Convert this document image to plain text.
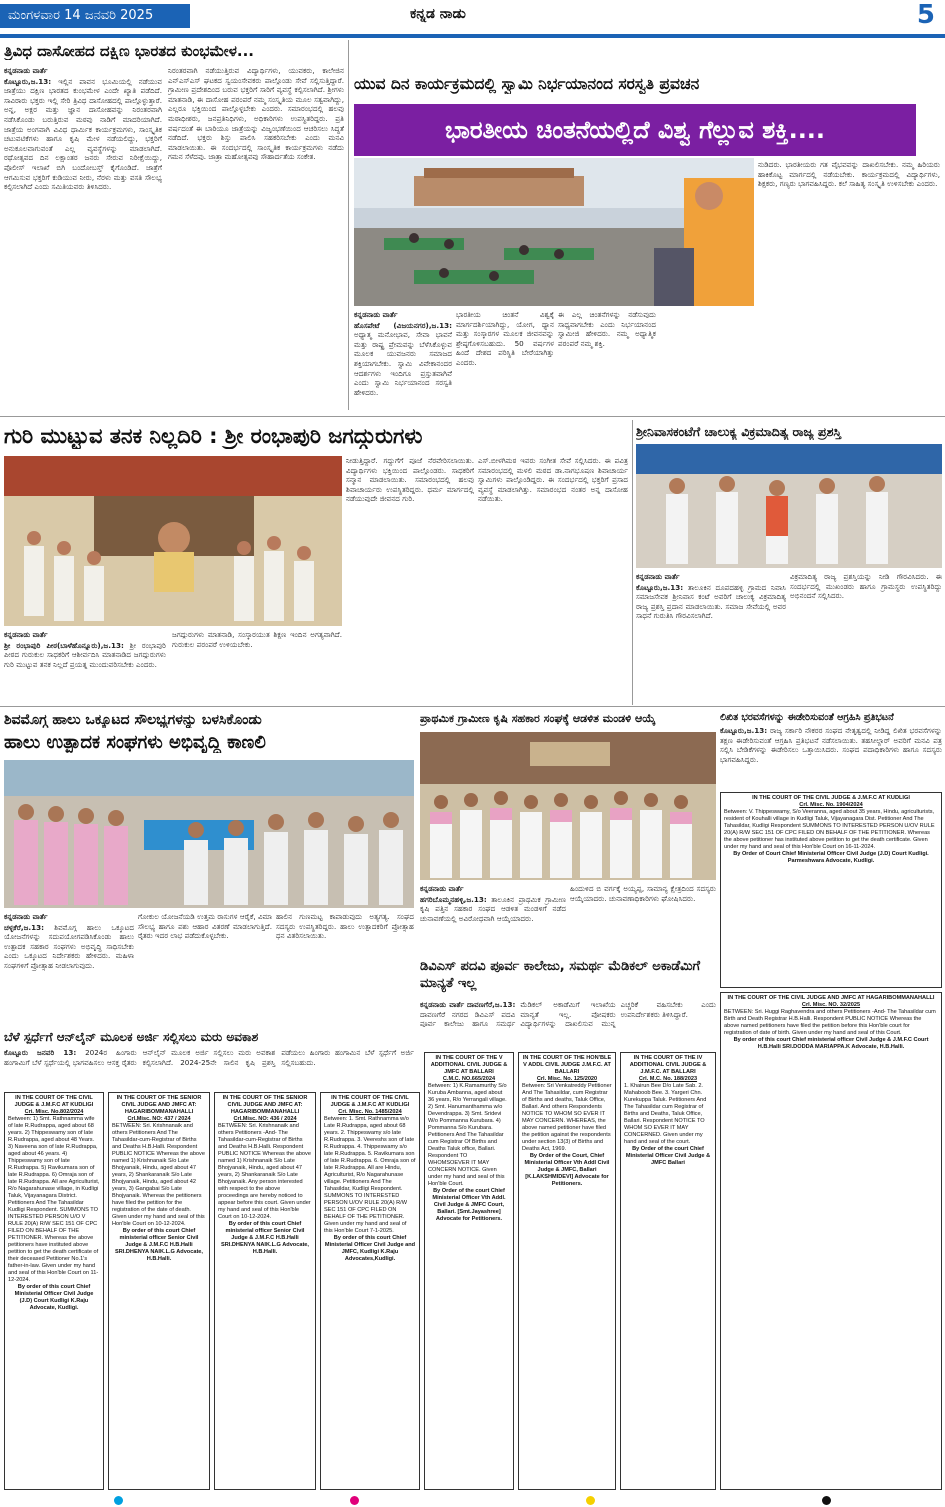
ಮಂಗಳವಾರ 14 ಜನವರಿ 2025	ಕನ್ನಡ ನಾಡು	5
ತ್ರಿವಿಧ ದಾಸೋಹದ ದಕ್ಷಿಣ ಭಾರತದ ಕುಂಭಮೇಳ...

ಕನ್ನಡನಾಡು ವಾರ್ತೆ

ಕೊಟ್ಟೂರು,ಜ.13: ಇಲ್ಲಿನ ಪಾವನ ಭೂಮಿಯಲ್ಲಿ ನಡೆಯುವ ಜಾತ್ರೆಯು ದಕ್ಷಿಣ ಭಾರತದ ಕುಂಭಮೇಳ ಎಂದೇ ಖ್ಯಾತಿ ಪಡೆದಿದೆ. ಸಾವಿರಾರು ಭಕ್ತರು ಇಲ್ಲಿ ಸೇರಿ ತ್ರಿವಿಧ ದಾಸೋಹದಲ್ಲಿ ಪಾಲ್ಗೊಳ್ಳುತ್ತಾರೆ. ಅನ್ನ, ಅಕ್ಷರ ಮತ್ತು ಜ್ಞಾನ ದಾಸೋಹವನ್ನು ನಿರಂತರವಾಗಿ ನಡೆಸಿಕೊಂಡು ಬರುತ್ತಿರುವ ಮಠವು ನಾಡಿಗೆ ಮಾದರಿಯಾಗಿದೆ. ಜಾತ್ರೆಯ ಅಂಗವಾಗಿ ವಿವಿಧ ಧಾರ್ಮಿಕ ಕಾರ್ಯಕ್ರಮಗಳು, ಸಾಂಸ್ಕೃತಿಕ ಚಟುವಟಿಕೆಗಳು ಹಾಗೂ ಕೃಷಿ ಮೇಳ ನಡೆಯಲಿದ್ದು, ಭಕ್ತರಿಗೆ ಅನುಕೂಲವಾಗುವಂತೆ ಎಲ್ಲ ವ್ಯವಸ್ಥೆಗಳನ್ನು ಮಾಡಲಾಗಿದೆ. ರಥೋತ್ಸವದ ದಿನ ಲಕ್ಷಾಂತರ ಜನರು ಸೇರುವ ನಿರೀಕ್ಷೆಯಿದ್ದು, ಪೊಲೀಸ್ ಇಲಾಖೆ ಬಿಗಿ ಬಂದೋಬಸ್ತ್ ಕೈಗೊಂಡಿದೆ. ಜಾತ್ರೆಗೆ ಆಗಮಿಸುವ ಭಕ್ತರಿಗೆ ಕುಡಿಯುವ ನೀರು, ನೆರಳು ಮತ್ತು ವಸತಿ ಸೌಲಭ್ಯ ಕಲ್ಪಿಸಲಾಗಿದೆ ಎಂದು ಸಮಿತಿಯವರು ತಿಳಿಸಿದರು.

ನಿರಂತರವಾಗಿ ನಡೆಯುತ್ತಿರುವ ವಿದ್ಯಾರ್ಥಿಗಳು, ಯುವಕರು, ಕಾಲೇಜಿನ ಎನ್‌ಎಸ್‌ಎಸ್ ಘಟಕದ ಸ್ವಯಂಸೇವಕರು ಪಾಲ್ಗೊಂಡು ಸೇವೆ ಸಲ್ಲಿಸುತ್ತಿದ್ದಾರೆ. ಗ್ರಾಮೀಣ ಪ್ರದೇಶದಿಂದ ಬರುವ ಭಕ್ತರಿಗೆ ಸಾರಿಗೆ ವ್ಯವಸ್ಥೆ ಕಲ್ಪಿಸಲಾಗಿದೆ. ಶ್ರೀಗಳು ಮಾತನಾಡಿ, ಈ ದಾಸೋಹ ಪರಂಪರೆ ನಮ್ಮ ಸಂಸ್ಕೃತಿಯ ಮೂಲ ಸತ್ವವಾಗಿದ್ದು, ಎಲ್ಲರೂ ಭಕ್ತಿಯಿಂದ ಪಾಲ್ಗೊಳ್ಳಬೇಕು ಎಂದರು. ಸಮಾರಂಭದಲ್ಲಿ ಹಲವು ಮಠಾಧೀಶರು, ಜನಪ್ರತಿನಿಧಿಗಳು, ಅಧಿಕಾರಿಗಳು ಉಪಸ್ಥಿತರಿದ್ದರು. ಪ್ರತಿ ವರ್ಷದಂತೆ ಈ ಬಾರಿಯೂ ಜಾತ್ರೆಯನ್ನು ವಿಜೃಂಭಣೆಯಿಂದ ಆಚರಿಸಲು ಸಿದ್ಧತೆ ನಡೆದಿದೆ. ಭಕ್ತರು ಶಿಸ್ತು ಪಾಲಿಸಿ ಸಹಕರಿಸಬೇಕು ಎಂದು ಮನವಿ ಮಾಡಲಾಯಿತು. ಈ ಸಂದರ್ಭದಲ್ಲಿ ಸಾಂಸ್ಕೃತಿಕ ಕಾರ್ಯಕ್ರಮಗಳು ನಡೆದು ಗಮನ ಸೆಳೆದವು. ಜಾತ್ರಾ ಮಹೋತ್ಸವವು ಸೌಹಾರ್ದತೆಯ ಸಂಕೇತ.

ಯುವ ದಿನ ಕಾರ್ಯಕ್ರಮದಲ್ಲಿ ಸ್ವಾಮಿ ನಿರ್ಭಯಾನಂದ ಸರಸ್ವತಿ ಪ್ರವಚನ
ಭಾರತೀಯ ಚಿಂತನೆಯಲ್ಲಿದೆ ವಿಶ್ವ ಗೆಲ್ಲುವ ಶಕ್ತಿ....

ಕನ್ನಡನಾಡು ವಾರ್ತೆ

ಹೊಸಪೇಟೆ (ವಿಜಯನಗರ),ಜ.13: ಅಧ್ಯಾತ್ಮ ಮನೋಭಾವ, ಸೇವಾ ಭಾವನೆ ಮತ್ತು ರಾಷ್ಟ್ರ ಪ್ರೇಮವನ್ನು ಬೆಳೆಸಿಕೊಳ್ಳುವ ಮೂಲಕ ಯುವಜನರು ಸಮಾಜದ ಶಕ್ತಿಯಾಗಬೇಕು. ಸ್ವಾಮಿ ವಿವೇಕಾನಂದರ ಆದರ್ಶಗಳು ಇಂದಿಗೂ ಪ್ರಸ್ತುತವಾಗಿವೆ ಎಂದು ಸ್ವಾಮಿ ನಿರ್ಭಯಾನಂದ ಸರಸ್ವತಿ ಹೇಳಿದರು.

ಭಾರತೀಯ ಚಿಂತನೆ ವಿಶ್ವಕ್ಕೆ ಮಾರ್ಗದರ್ಶಿಯಾಗಿದ್ದು, ಯೋಗ, ಧ್ಯಾನ ಮತ್ತು ಸಂಸ್ಕಾರಗಳ ಮೂಲಕ ಜೀವನವನ್ನು ಶ್ರೇಷ್ಠಗೊಳಿಸಬಹುದು. 50 ವರ್ಷಗಳ ಹಿಂದೆ ದೇಶದ ಪರಿಸ್ಥಿತಿ ಬೇರೆಯಾಗಿತ್ತು ಎಂದರು.

ಈ ಎಲ್ಲ ಚಿಂತನೆಗಳನ್ನು ನಡೆಸುವುದು ಸಾಧ್ಯವಾಗಬೇಕು ಎಂದು ನಿರ್ಭಯಾನಂದ ಸ್ವಾಮೀಜಿ ಹೇಳಿದರು. ನಮ್ಮ ಅಧ್ಯಾತ್ಮಿಕ ಪರಂಪರೆ ನಮ್ಮ ಶಕ್ತಿ.

ನುಡಿದರು. ಭಾರತೀಯರು ಗತ ವೈಭವವನ್ನು ದಾಖಲಿಸಬೇಕು. ನಮ್ಮ ಹಿರಿಯರು ಹಾಕಿಕೊಟ್ಟ ಮಾರ್ಗದಲ್ಲಿ ನಡೆಯಬೇಕು. ಕಾರ್ಯಕ್ರಮದಲ್ಲಿ ವಿದ್ಯಾರ್ಥಿಗಳು, ಶಿಕ್ಷಕರು, ಗಣ್ಯರು ಭಾಗವಹಿಸಿದ್ದರು. ಕಲೆ ಸಾಹಿತ್ಯ ಸಂಸ್ಕೃತಿ ಉಳಿಸಬೇಕು ಎಂದರು.

ಗುರಿ ಮುಟ್ಟುವ ತನಕ ನಿಲ್ಲದಿರಿ : ಶ್ರೀ ರಂಭಾಪುರಿ ಜಗದ್ಗುರುಗಳು

ಕನ್ನಡನಾಡು ವಾರ್ತೆ

ಶ್ರೀ ರಂಭಾಪುರಿ ಪೀಠ(ಬಾಳೆಹೊನ್ನೂರು),ಜ.13: ಶ್ರೀ ರಂಭಾಪುರಿ ಪೀಠದ ಗುರುಕುಲ ಸಾಧಕರಿಗೆ ಆಶೀರ್ವದಿಸಿ ಮಾತನಾಡಿದ ಜಗದ್ಗುರುಗಳು ಗುರಿ ಮುಟ್ಟುವ ತನಕ ನಿಲ್ಲದೆ ಪ್ರಯತ್ನ ಮುಂದುವರಿಸಬೇಕು ಎಂದರು.

ಜಗದ್ಗುರುಗಳು ಮಾತನಾಡಿ, ಸಂಸ್ಕಾರಯುತ ಶಿಕ್ಷಣ ಇಂದಿನ ಅಗತ್ಯವಾಗಿದೆ. ಗುರುಕುಲ ಪರಂಪರೆ ಉಳಿಯಬೇಕು.

ನೀಡುತ್ತಿದ್ದಾರೆ. ಗದ್ದುಗೆಗೆ ಪೂಜೆ ನೆರವೇರಿಸಲಾಯಿತು. ವಿದ್ಯಾರ್ಥಿಗಳು ಭಕ್ತಿಯಿಂದ ಪಾಲ್ಗೊಂಡರು. ಸಾಧಕರಿಗೆ ಸನ್ಮಾನ ಮಾಡಲಾಯಿತು. ಸಮಾರಂಭದಲ್ಲಿ ಹಲವು ಶಿವಾಚಾರ್ಯರು ಉಪಸ್ಥಿತರಿದ್ದರು. ಧರ್ಮ ಮಾರ್ಗದಲ್ಲಿ ನಡೆಯುವುದೇ ಜೀವನದ ಗುರಿ.

ಎಸ್.ಬೀಳಗಿಮಠ ಇವರು ಸಂಗೀತ ಸೇವೆ ಸಲ್ಲಿಸಿದರು. ಈ ಪವಿತ್ರ ಸಮಾರಂಭದಲ್ಲಿ ಮಳಲಿ ಮಠದ ಡಾ.ನಾಗಭೂಷಣ ಶಿವಾಚಾರ್ಯ ಸ್ವಾಮಿಗಳು ಪಾಲ್ಗೊಂಡಿದ್ದರು. ಈ ಸಂದರ್ಭದಲ್ಲಿ ಭಕ್ತರಿಗೆ ಪ್ರಸಾದ ವ್ಯವಸ್ಥೆ ಮಾಡಲಾಗಿತ್ತು. ಸಮಾರಂಭದ ನಂತರ ಅನ್ನ ದಾಸೋಹ ನಡೆಯಿತು.

ಶ್ರೀನಿವಾಸಕಂಟೆಗೆ ಚಾಲುಕ್ಯ ವಿಕ್ರಮಾದಿತ್ಯ ರಾಜ್ಯ ಪ್ರಶಸ್ತಿ

ಕನ್ನಡನಾಡು ವಾರ್ತೆ

ಕೊಟ್ಟೂರು,ಜ.13: ತಾಲೂಕಿನ ದೂಪದಹಳ್ಳಿ ಗ್ರಾಮದ ನಿವಾಸಿ ಸಮಾಜಸೇವಕ ಶ್ರೀನಿವಾಸ ಕಂಟೆ ಅವರಿಗೆ ಚಾಲುಕ್ಯ ವಿಕ್ರಮಾದಿತ್ಯ ರಾಜ್ಯ ಪ್ರಶಸ್ತಿ ಪ್ರದಾನ ಮಾಡಲಾಯಿತು. ಸಮಾಜ ಸೇವೆಯಲ್ಲಿ ಅವರ ಸಾಧನೆ ಗುರುತಿಸಿ ಗೌರವಿಸಲಾಗಿದೆ.

ವಿಕ್ರಮಾದಿತ್ಯ ರಾಜ್ಯ ಪ್ರಶಸ್ತಿಯನ್ನು ನೀಡಿ ಗೌರವಿಸಿದರು. ಈ ಸಂದರ್ಭದಲ್ಲಿ ಮುಖಂಡರು ಹಾಗೂ ಗ್ರಾಮಸ್ಥರು ಉಪಸ್ಥಿತರಿದ್ದು ಅಭಿನಂದನೆ ಸಲ್ಲಿಸಿದರು.

ಲಿಖಿತ ಭರವಸೆಗಳನ್ನು ಈಡೇರಿಸುವಂತೆ ಆಗ್ರಹಿಸಿ ಪ್ರತಿಭಟನೆ

ಕೊಟ್ಟೂರು,ಜ.13: ರಾಜ್ಯ ಸರ್ಕಾರಿ ನೌಕರರ ಸಂಘದ ನೇತೃತ್ವದಲ್ಲಿ ನೀಡಿದ್ದ ಲಿಖಿತ ಭರವಸೆಗಳನ್ನು ತಕ್ಷಣ ಈಡೇರಿಸುವಂತೆ ಆಗ್ರಹಿಸಿ ಪ್ರತಿಭಟನೆ ನಡೆಸಲಾಯಿತು. ತಹಸೀಲ್ದಾರ್ ಅವರಿಗೆ ಮನವಿ ಪತ್ರ ಸಲ್ಲಿಸಿ ಬೇಡಿಕೆಗಳನ್ನು ಈಡೇರಿಸಲು ಒತ್ತಾಯಿಸಿದರು. ಸಂಘದ ಪದಾಧಿಕಾರಿಗಳು ಹಾಗೂ ಸದಸ್ಯರು ಭಾಗವಹಿಸಿದ್ದರು.

ಶಿವಮೊಗ್ಗ ಹಾಲು ಒಕ್ಕೂಟದ ಸೌಲಭ್ಯಗಳನ್ನು ಬಳಸಿಕೊಂಡು
ಹಾಲು ಉತ್ಪಾದಕ ಸಂಘಗಳು ಅಭಿವೃದ್ಧಿ ಕಾಣಲಿ

ಕನ್ನಡನಾಡು ವಾರ್ತೆ

ಚಳ್ಳಕೆರೆ,ಜ.13: ಶಿವಮೊಗ್ಗ ಹಾಲು ಒಕ್ಕೂಟದ ಯೋಜನೆಗಳನ್ನು ಸದುಪಯೋಗಪಡಿಸಿಕೊಂಡು ಹಾಲು ಉತ್ಪಾದಕ ಸಹಕಾರ ಸಂಘಗಳು ಅಭಿವೃದ್ಧಿ ಸಾಧಿಸಬೇಕು ಎಂದು ಒಕ್ಕೂಟದ ನಿರ್ದೇಶಕರು ಹೇಳಿದರು. ಮಹಿಳಾ ಸಂಘಗಳಿಗೆ ಪ್ರೋತ್ಸಾಹ ನೀಡಲಾಗುವುದು.

ಗೋಕುಲ ಯೋಜನೆಯಡಿ ಉತ್ತಮ ರಾಸುಗಳ ಆರೈಕೆ, ವಿಮಾ ಸೌಲಭ್ಯ ಹಾಗೂ ಪಶು ಆಹಾರ ವಿತರಣೆ ಮಾಡಲಾಗುತ್ತಿದೆ. ರೈತರು ಇದರ ಲಾಭ ಪಡೆದುಕೊಳ್ಳಬೇಕು.

ಹಾಲಿನ ಗುಣಮಟ್ಟ ಕಾಪಾಡುವುದು ಅತ್ಯಗತ್ಯ. ಸಂಘದ ಸದಸ್ಯರು ಉಪಸ್ಥಿತರಿದ್ದರು. ಹಾಲು ಉತ್ಪಾದಕರಿಗೆ ಪ್ರೋತ್ಸಾಹ ಧನ ವಿತರಿಸಲಾಯಿತು.

ಪ್ರಾಥಮಿಕ ಗ್ರಾಮೀಣ ಕೃಷಿ ಸಹಕಾರ ಸಂಘಕ್ಕೆ ಆಡಳಿತ ಮಂಡಳಿ ಆಯ್ಕೆ

ಕನ್ನಡನಾಡು ವಾರ್ತೆ

ಹಗರಿಬೊಮ್ಮನಹಳ್ಳಿ,ಜ.13: ತಾಲೂಕಿನ ಪ್ರಾಥಮಿಕ ಗ್ರಾಮೀಣ ಕೃಷಿ ಪತ್ತಿನ ಸಹಕಾರ ಸಂಘದ ಆಡಳಿತ ಮಂಡಳಿಗೆ ನಡೆದ ಚುನಾವಣೆಯಲ್ಲಿ ಅವಿರೋಧವಾಗಿ ಆಯ್ಕೆಯಾದರು.

ಹಿಂದುಳಿದ ಬಿ ವರ್ಗಕ್ಕೆ ಅಯ್ಯಪ್ಪ, ಸಾಮಾನ್ಯ ಕ್ಷೇತ್ರದಿಂದ ಸದಸ್ಯರು ಆಯ್ಕೆಯಾದರು. ಚುನಾವಣಾಧಿಕಾರಿಗಳು ಘೋಷಿಸಿದರು.

ಡಿವಿಎಸ್ ಪದವಿ ಪೂರ್ವ ಕಾಲೇಜು, ಸಮರ್ಥ ಮೆಡಿಕಲ್ ಅಕಾಡೆಮಿಗೆ ಮಾನ್ಯತೆ ಇಲ್ಲ

ಕನ್ನಡನಾಡು ವಾರ್ತೆ ದಾವಣಗೆರೆ,ಜ.13: ದಾವಣಗೆರೆ ನಗರದ ಡಿವಿಎಸ್ ಪದವಿ ಪೂರ್ವ ಕಾಲೇಜು ಹಾಗೂ ಸಮರ್ಥ ಮೆಡಿಕಲ್ ಅಕಾಡೆಮಿಗೆ ಇಲಾಖೆಯ ಮಾನ್ಯತೆ ಇಲ್ಲ. ಪೋಷಕರು ವಿದ್ಯಾರ್ಥಿಗಳನ್ನು ದಾಖಲಿಸುವ ಮುನ್ನ ಎಚ್ಚರಿಕೆ ವಹಿಸಬೇಕು ಎಂದು ಉಪನಿರ್ದೇಶಕರು ತಿಳಿಸಿದ್ದಾರೆ.

ಬೆಳೆ ಸ್ಪರ್ಧೆಗೆ ಆನ್‌ಲೈನ್ ಮೂಲಕ ಅರ್ಜಿ ಸಲ್ಲಿಸಲು ಮರು ಅವಕಾಶ

ಕೊಟ್ಟೂರು ಜನವರಿ 13: 2024ರ ಹಿಂಗಾರು ಹಂಗಾಮಿಗೆ ಬೆಳೆ ಸ್ಪರ್ಧೆಯಲ್ಲಿ ಭಾಗವಹಿಸಲು ಆಸಕ್ತ ರೈತರು ಆನ್‌ಲೈನ್ ಮೂಲಕ ಅರ್ಜಿ ಸಲ್ಲಿಸಲು ಮರು ಅವಕಾಶ ಕಲ್ಪಿಸಲಾಗಿದೆ. 2024-25ನೇ ಸಾಲಿನ ಕೃಷಿ ಪ್ರಶಸ್ತಿ ಪಡೆಯಲು ಹಿಂಗಾರು ಹಂಗಾಮಿನ ಬೆಳೆ ಸ್ಪರ್ಧೆಗೆ ಅರ್ಜಿ ಸಲ್ಲಿಸಬಹುದು.

IN THE COURT OF THE CIVIL JUDGE & J.M.F.C AT KUDLIGI
Cri. Misc. No.802/2024
Between: 1) Smt. Rathnamma wife of late R.Rudrappa, aged about 68 years. 2) Thippeswamy son of late R.Rudrappa, aged about 48 Years. 3) Naveena son of late R.Rudrappa, aged about 46 years. 4) Thippeswamy son of late R.Rudrappa. 5) Ravikumara son of late R.Rudrappa. 6) Omraja son of late R.Rudrappa. All are Agriculturist, R/o Nagarahunase village, in Kudligi Taluk, Vijayanagara District. Petitioners And The Tahasildar Kudligi Respondent. SUMMONS TO INTERESTED PERSON U/O V RULE 20(A) R/W SEC 151 OF CPC FILED ON BEHALF OF THE PETITIONER. Whereas the above petitioners have instituted above petition to get the death certificate of their deceased Petitioner No.1's father-in-law. Given under my hand and seal of this Hon'ble Court on 11-12-2024.
By order of this court Chief Ministerial Officer Civil Judge (J.D) Court Kudligi K.Raju Advocate, Kudligi.
IN THE COURT OF THE SENIOR CIVIL JUDGE AND JMFC AT: HAGARIBOMMANAHALLI
Crl.Misc. NO: 437 / 2024
BETWEEN: Sri. Krishnanaik and others Petitioners And The Tahasildar-cum-Registrar of Births and Deaths H.B.Halli. Respondent PUBLIC NOTICE Whereas the above named 1) Krishnanaik S/o Late Bhojyanaik, Hindu, aged about 47 years, 2) Shankaranaik S/o Late Bhojyanaik, Hindu, aged about 42 years, 3) Gangabai S/o Late Bhojyanaik. Whereas the petitioners have filed the petition for the registration of the date of death. Given under my hand and seal of this Hon'ble Court on 10-12-2024.
By order of this court Chief ministerial officer Senior Civil Judge & J.M.F.C H.B.Halli SRI.DHENYA NAIK.L.G Advocate, H.B.Halli.
IN THE COURT OF THE SENIOR CIVIL JUDGE AND JMFC AT: HAGARIBOMMANAHALLI
Crl.Misc. NO: 436 / 2024
BETWEEN: Sri. Krishnanaik and others Petitioners -And- The Tahasildar-cum-Registrar of Births and Deaths H.B.Halli. Respondent PUBLIC NOTICE Whereas the above named 1) Krishnanaik S/o Late Bhojyanaik, Hindu, aged about 47 years, 2) Shankaranaik S/o Late Bhojyanaik. Any person interested with respect to the above proceedings are hereby noticed to appear before this court. Given under my hand and seal of this Hon'ble Court on 10-12-2024.
By order of this court Chief ministerial officer Senior Civil Judge & J.M.F.C H.B.Halli SRI.DHENYA NAIK.L.G Advocate, H.B.Halli.
IN THE COURT OF THE CIVIL JUDGE & J.M.F.C AT KUDLIGI
Cri. Misc. No. 1485/2024
Between: 1. Smt. Rathnamma w/o Late R.Rudrappa, aged about 68 years. 2. Thippeswamy s/o late R.Rudrappa. 3. Veereshs son of late R.Rudrappa. 4. Thippeswamy s/o late R.Rudrappa. 5. Ravikumara son of late R.Rudrappa. 6. Omraja son of late R.Rudrappa. All are Hindu, Agriculturist, R/o Nagarahunase village. Petitioners And The Tahasildar, Kudligi Respondent. SUMMONS TO INTERESTED PERSON U/OV RULE 20(A) R/W SEC 151 OF CPC FILED ON BEHALF OF THE PETITIONER. Given under my hand and seal of this Hon'ble Court 7-1-2025.
By order of this court Chief Ministerial Officer Civil Judge and JMFC, Kudligi K.Raju Advocates,Kudligi.
IN THE COURT OF THE V ADDITIONAL CIVIL JUDGE & JMFC AT BALLARI
C.M.C. NO.665/2024
Between: 1) K.Ramamurthy S/o Kuruba Ambanna, aged about 36 years, R/o Yerrangali village. 2) Smt. Hanumanthamma w/o Devendrappa. 3) Smt. Sridevi W/o Pommanna Kurubara. 4) Pommanna S/o Kurubara. Petitioners And The Tahasildar cum Registrar Of Births and Deaths Taluk office, Ballari. Respondent TO WHOMSOEVER IT MAY CONCERN NOTICE. Given under my hand and seal of this Hon'ble Court.
By Order of the court Chief Ministerial Officer Vth Addl. Civil Judge & JMFC Court, Ballari. [Smt.Jayashree] Advocate for Petitioners.
IN THE COURT OF THE HON'BLE V ADDL CIVIL JUDGE J.M.F.C. AT BALLARI
Crl. Misc. No. 125/2020
Between: Sri Venkatreddy Petitioner And The Tahasildar, cum Registrar of Births and deaths, Taluk Office, Ballari. And others Respondents NOTICE TO WHOM SO EVER IT MAY CONCERN. WHEREAS, the above named petitioner have filed the petition against the respondents under section 13(3) of Births and Deaths Act, 1969.
By Order of the Court, Chief Ministerial Officer Vth Addl Civil Judge & JMFC, Ballari [K.LAKSHMIDEVI] Advocate for Petitioners.
IN THE COURT OF THE IV ADDITIONAL CIVIL JUDGE & J.M.F.C. AT BALLARI
Crl. M.C. No. 188/2023
1. Khairun Bee D/o Late Sab. 2. Mahaboob Bee. 3. Yargeri Chn. Kurekuppa Taluk. Petitioners And The Tahasildar cum Registrar of Births and Deaths, Taluk Office, Ballari. Respondent NOTICE TO WHOM SO EVER IT MAY CONCERNED. Given under my hand and seal of the court.
By Order of the court Chief Ministerial Officer Civil Judge & JMFC Ballari
IN THE COURT OF THE CIVIL JUDGE & J.M.F.C AT KUDLIGI
Crl. Misc. No. 1904/2024
Between: V. Thippeswamy, S/o Veeranna, aged about 35 years, Hindu, agriculturists, resident of Kouhalli village in Kudligi Taluk, Vijayanagara Dist. Petitioner And The Tahasildar, Kudligi Respondent SUMMONS TO INTERESTED PERSON U/OV RULE 20(A) R/W SEC 151 OF CPC FILED ON BEHALF OF THE PETITIONER. Whereas the above petitioner has instituted above petition to get the death certificate. Given under my hand and seal of this Hon'ble Court on 16-11-2024.
By Order of Court Chief Ministerial Officer Civil Judge (J.D) Court Kudligi. Parmeshwara Advocate, Kudligi.
IN THE COURT OF THE CIVIL JUDGE AND JMFC AT HAGARIBOMMANAHALLI
Crl. Misc. NO. 32/2025
BETWEEN: Sri. Huggi Raghavendra and others Petitioners -And- The Tahasildar cum Birth and Death Registrar H.B.Halli. Respondent PUBLIC NOTICE Whereas the above named petitioners have filed the petition before this Hon'ble court for registration of date of birth. Given under my hand and seal of this Court.
By order of this court Chief ministerial officer Civil Judge & J.M.F.C Court H.B.Halli SRI.DODDA MARIAPPA.K Advocate, H.B.Halli.
